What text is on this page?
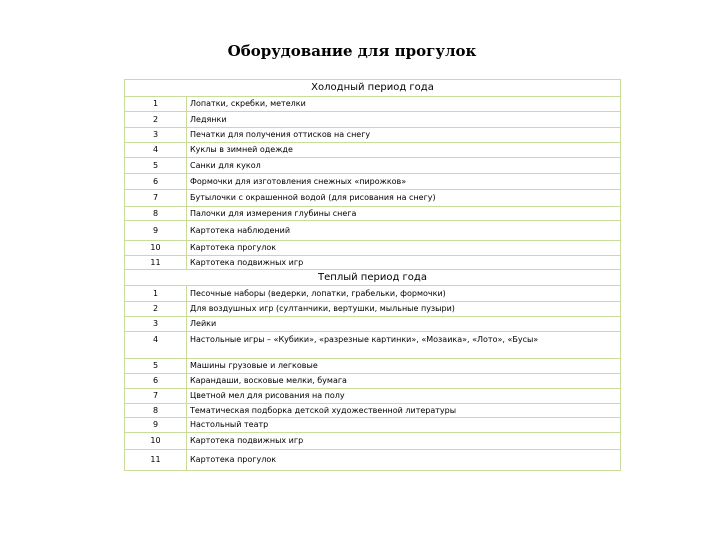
Оборудование для прогулок
Холодный период года	
1	Лопатки, скребки, метелки
2	Ледянки
3	Печатки для получения оттисков на снегу
4	Куклы в зимней одежде
5	Санки для кукол
6	Формочки для изготовления снежных «пирожков»
7	Бутылочки с окрашенной водой (для рисования на снегу)
8	Палочки для измерения глубины снега
9	Картотека наблюдений
10	Картотека прогулок
11	Картотека подвижных игр
Теплый период года	
1	Песочные наборы (ведерки, лопатки, грабельки, формочки)
2	Для воздушных игр (султанчики, вертушки, мыльные пузыри)
3	Лейки
4	Настольные игры – «Кубики», «разрезные картинки», «Мозаика», «Лото», «Бусы»
5	Машины грузовые и легковые
6	Карандаши, восковые мелки, бумага
7	Цветной мел для рисования на полу
8	Тематическая подборка детской художественной литературы
9	Настольный театр
10	Картотека подвижных игр
11	Картотека прогулок
